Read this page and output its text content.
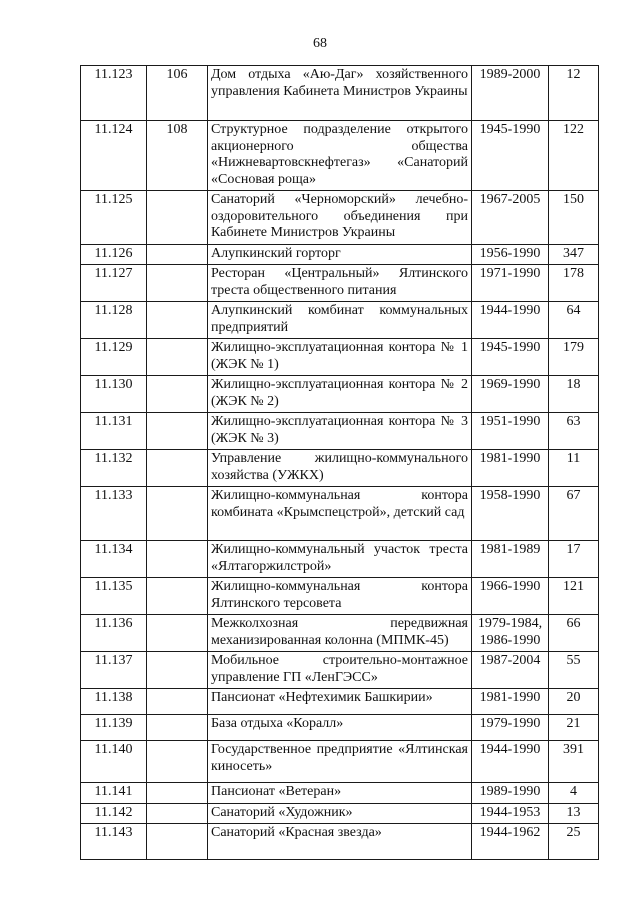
68
11.123	106	Дом отдыха «Аю-Даг» хозяйственного управления Кабинета Министров Украины	1989-2000	12
11.124	108	Структурное подразделение открытого акционерного общества «Нижневартовскнефтегаз» «Санаторий «Сосновая роща»	1945-1990	122
11.125		Санаторий «Черноморский» лечебно-оздоровительного объединения при Кабинете Министров Украины	1967-2005	150
11.126		Алупкинский горторг	1956-1990	347
11.127		Ресторан «Центральный» Ялтинского треста общественного питания	1971-1990	178
11.128		Алупкинский комбинат коммунальных предприятий	1944-1990	64
11.129		Жилищно-эксплуатационная контора № 1 (ЖЭК № 1)	1945-1990	179
11.130		Жилищно-эксплуатационная контора № 2 (ЖЭК № 2)	1969-1990	18
11.131		Жилищно-эксплуатационная контора № 3 (ЖЭК № 3)	1951-1990	63
11.132		Управление жилищно-коммунального хозяйства (УЖКХ)	1981-1990	11
11.133		Жилищно-коммунальная контора комбината «Крымспецстрой», детский сад	1958-1990	67
11.134		Жилищно-коммунальный участок треста «Ялтагоржилстрой»	1981-1989	17
11.135		Жилищно-коммунальная контора Ялтинского терсовета	1966-1990	121
11.136		Межколхозная передвижная механизированная колонна (МПМК-45)	1979-1984, 1986-1990	66
11.137		Мобильное строительно-монтажное управление ГП «ЛенГЭСС»	1987-2004	55
11.138		Пансионат «Нефтехимик Башкирии»	1981-1990	20
11.139		База отдыха «Коралл»	1979-1990	21
11.140		Государственное предприятие «Ялтинская киносеть»	1944-1990	391
11.141		Пансионат «Ветеран»	1989-1990	4
11.142		Санаторий «Художник»	1944-1953	13
11.143		Санаторий «Красная звезда»	1944-1962	25
